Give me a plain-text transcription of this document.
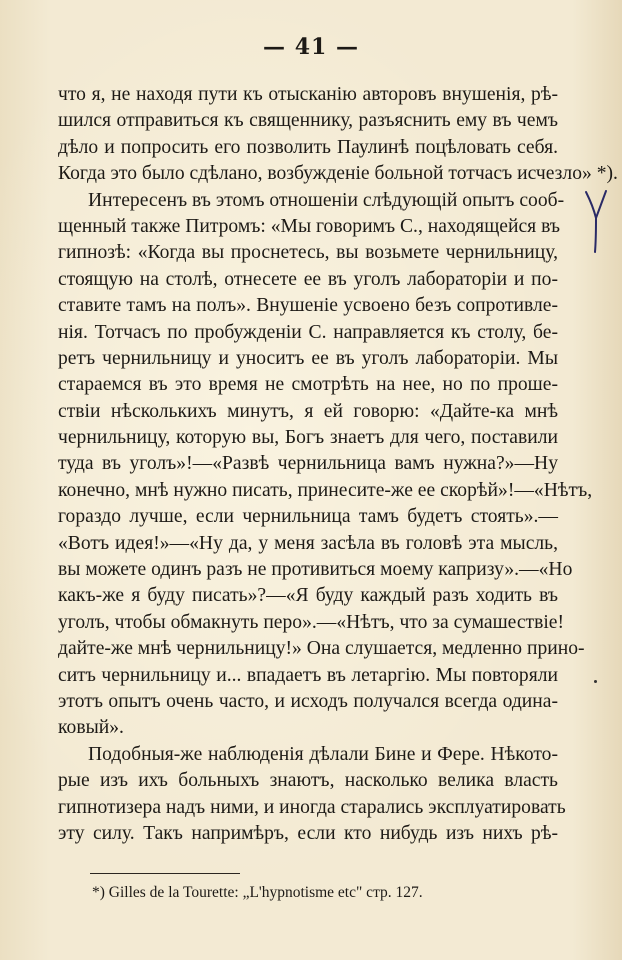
— 41 —
что я, не находя пути къ отысканію авторовъ внушенія, рѣ-
шился отправиться къ священнику, разъяснить ему въ чемъ
дѣло и попросить его позволить Паулинѣ поцѣловать себя.
Когда это было сдѣлано, возбужденіе больной тотчасъ исчезло» *).
Интересенъ въ этомъ отношеніи слѣдующій опытъ сооб-
щенный также Питромъ: «Мы говоримъ С., находящейся въ
гипнозѣ: «Когда вы проснетесь, вы возьмете чернильницу,
стоящую на столѣ, отнесете ее въ уголъ лабораторіи и по-
ставите тамъ на полъ». Внушеніе усвоено безъ сопротивле-
нія. Тотчасъ по пробужденіи С. направляется къ столу, бе-
ретъ чернильницу и уноситъ ее въ уголъ лабораторіи. Мы
стараемся въ это время не смотрѣть на нее, но по проше-
ствіи нѣсколькихъ минутъ, я ей говорю: «Дайте-ка мнѣ
чернильницу, которую вы, Богъ знаетъ для чего, поставили
туда въ уголъ»!—«Развѣ чернильница вамъ нужна?»—Ну
конечно, мнѣ нужно писать, принесите-же ее скорѣй»!—«Нѣтъ,
гораздо лучше, если чернильница тамъ будетъ стоять».—
«Вотъ идея!»—«Ну да, у меня засѣла въ головѣ эта мысль,
вы можете одинъ разъ не противиться моему капризу».—«Но
какъ-же я буду писать»?—«Я буду каждый разъ ходить въ
уголъ, чтобы обмакнуть перо».—«Нѣтъ, что за сумашествіе!
дайте-же мнѣ чернильницу!» Она слушается, медленно прино-
ситъ чернильницу и... впадаетъ въ летаргію. Мы повторяли
этотъ опытъ очень часто, и исходъ получался всегда одина-
ковый».
Подобныя-же наблюденія дѣлали Бине и Фере. Нѣкото-
рые изъ ихъ больныхъ знаютъ, насколько велика власть
гипнотизера надъ ними, и иногда старались эксплуатировать
эту силу. Такъ напримѣръ, если кто нибудь изъ нихъ рѣ-
*) Gilles de la Tourette: „L'hypnotisme etc" стр. 127.
